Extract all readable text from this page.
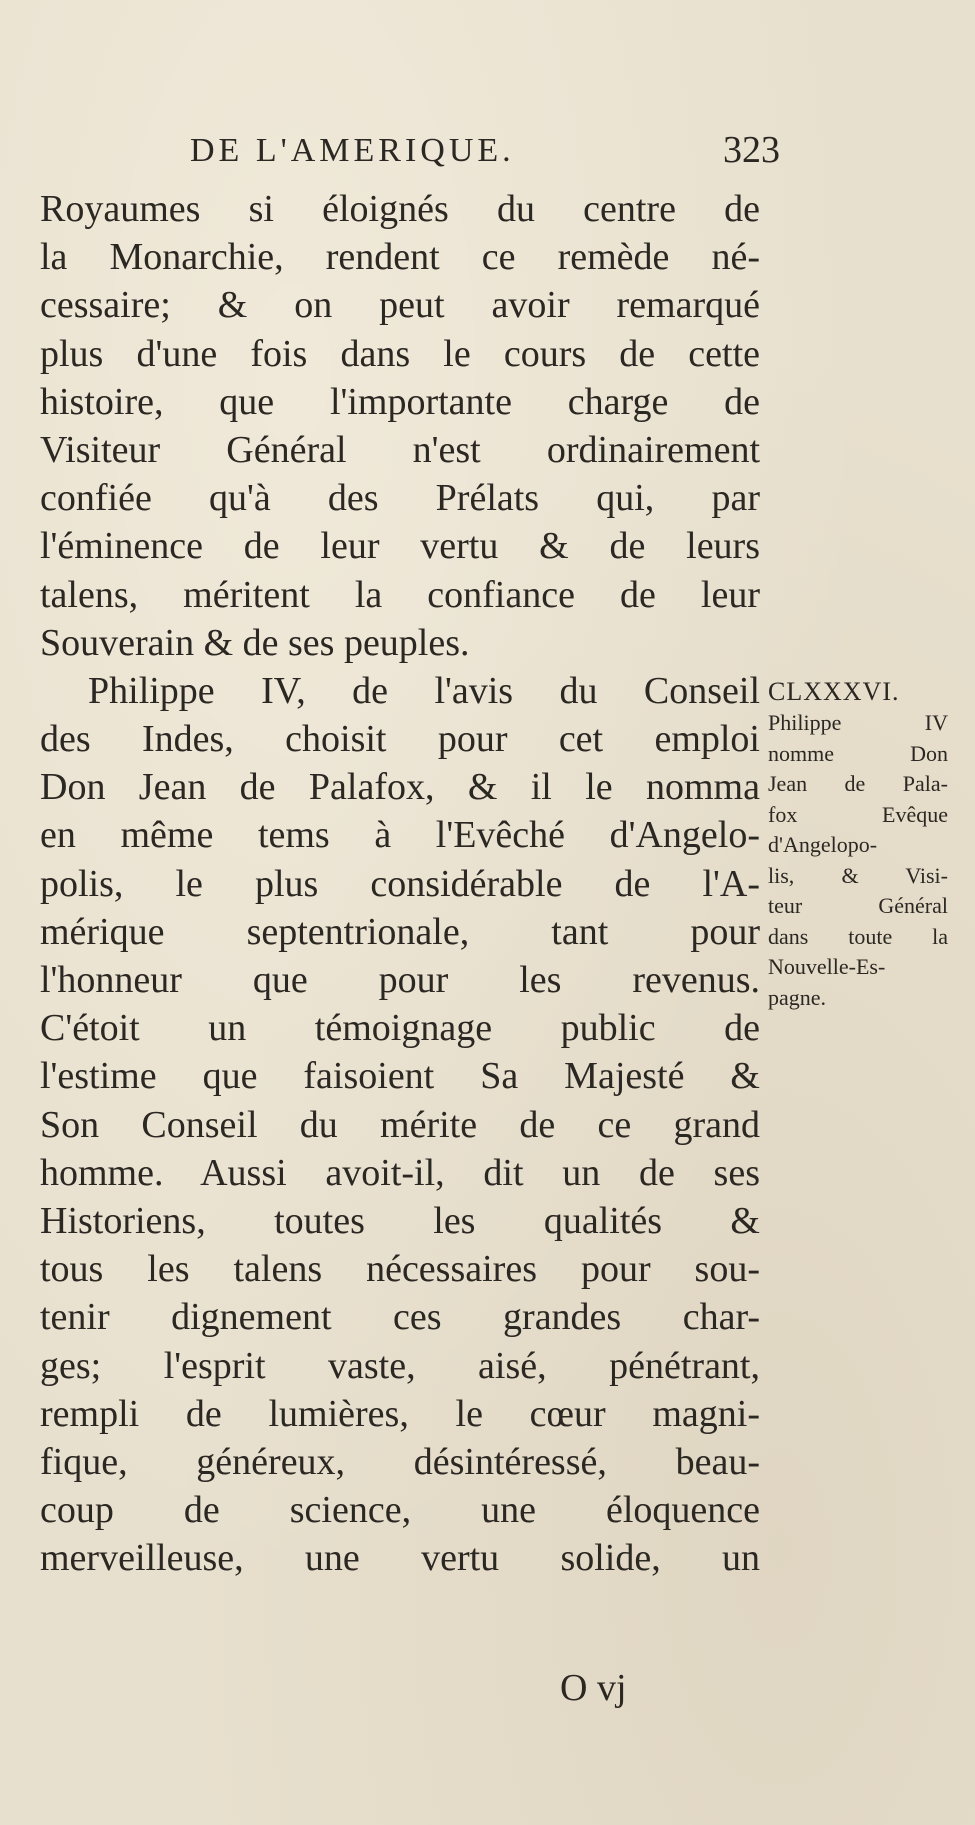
DE L'AMERIQUE.	323
Royaumes si éloignés du centre de
la Monarchie, rendent ce remède né-
cessaire; & on peut avoir remarqué
plus d'une fois dans le cours de cette
histoire, que l'importante charge de
Visiteur Général n'est ordinairement
confiée qu'à des Prélats qui, par
l'éminence de leur vertu & de leurs
talens, méritent la confiance de leur
Souverain & de ses peuples.
Philippe IV, de l'avis du Conseil
des Indes, choisit pour cet emploi
Don Jean de Palafox, & il le nomma
en même tems à l'Evêché d'Angelo-
polis, le plus considérable de l'A-
mérique septentrionale, tant pour
l'honneur que pour les revenus.
C'étoit un témoignage public de
l'estime que faisoient Sa Majesté &
Son Conseil du mérite de ce grand
homme. Aussi avoit-il, dit un de ses
Historiens, toutes les qualités &
tous les talens nécessaires pour sou-
tenir dignement ces grandes char-
ges; l'esprit vaste, aisé, pénétrant,
rempli de lumières, le cœur magni-
fique, généreux, désintéressé, beau-
coup de science, une éloquence
merveilleuse, une vertu solide, un
CLXXXVI.
Philippe IV
nomme Don
Jean de Pala-
fox Evêque
d'Angelopo-
lis, & Visi-
teur Général
dans toute la
Nouvelle-Es-
pagne.
O vj
